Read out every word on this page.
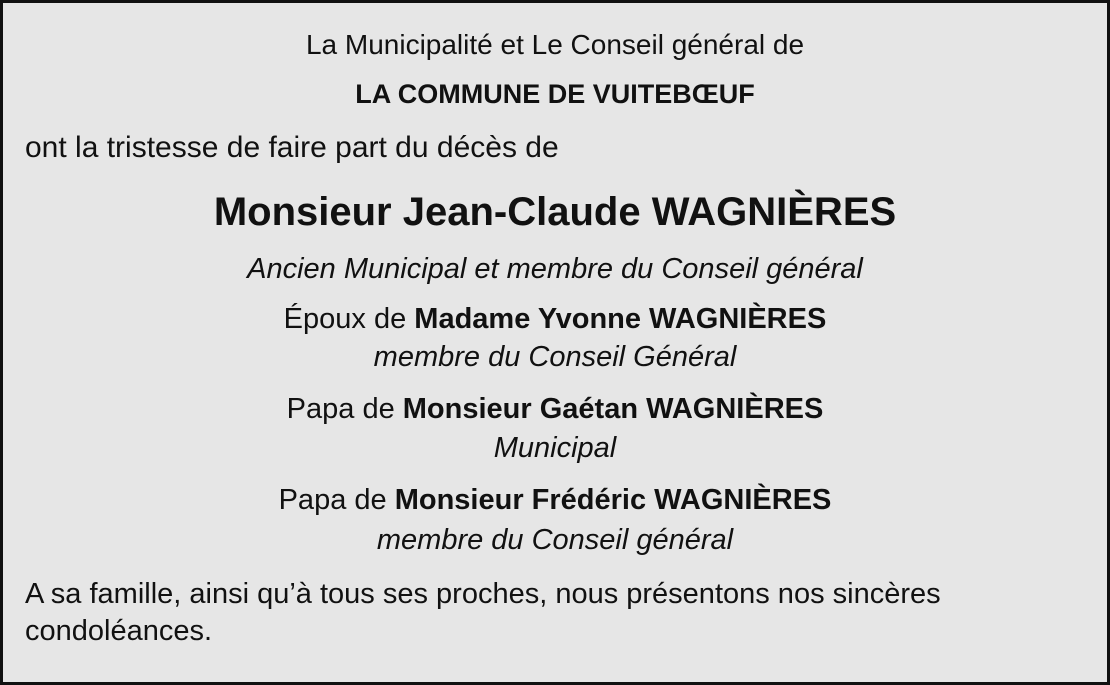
La Municipalité et Le Conseil général de
LA COMMUNE DE VUITEBŒUF
ont la tristesse de faire part du décès de
Monsieur Jean-Claude WAGNIÈRES
Ancien Municipal et membre du Conseil général
Époux de Madame Yvonne WAGNIÈRES
membre du Conseil Général
Papa de Monsieur Gaétan WAGNIÈRES
Municipal
Papa de Monsieur Frédéric WAGNIÈRES
membre du Conseil général
A sa famille, ainsi qu’à tous ses proches, nous présentons nos sincères condoléances.
